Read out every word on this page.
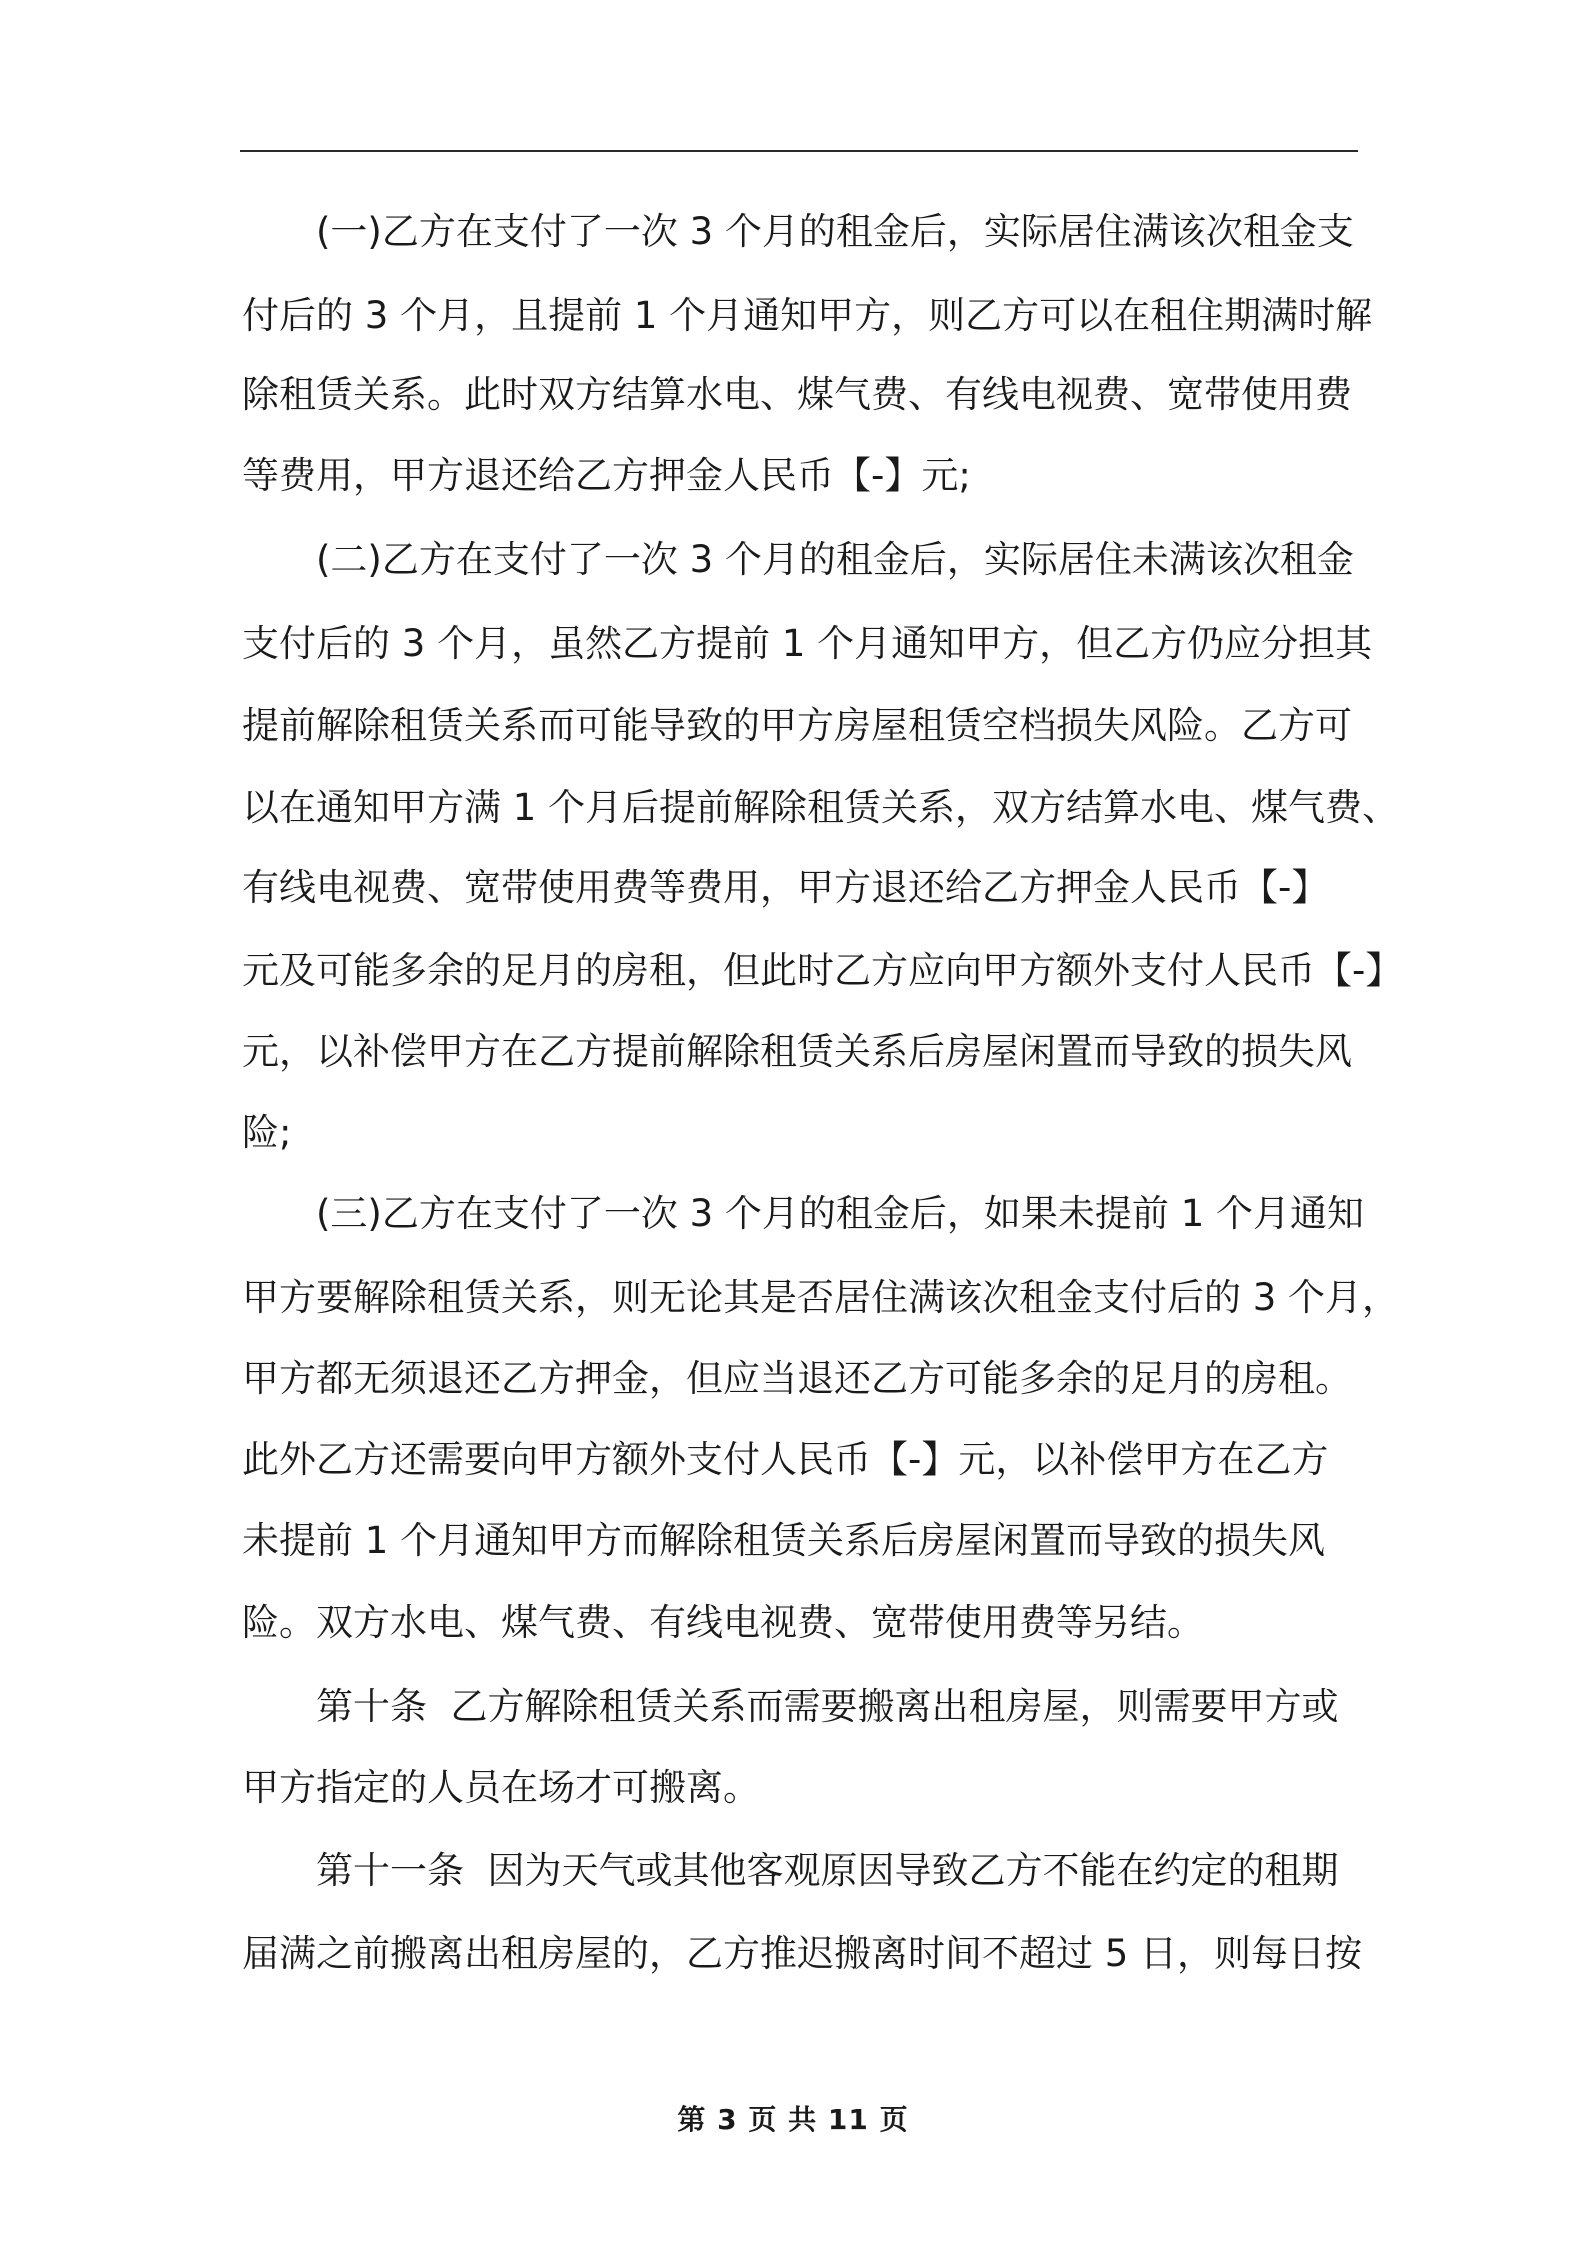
(一)乙方在支付了一次 3 个月的租金后，实际居住满该次租金支
付后的 3 个月，且提前 1 个月通知甲方，则乙方可以在租住期满时解
除租赁关系。此时双方结算水电、煤气费、有线电视费、宽带使用费
等费用，甲方退还给乙方押金人民币【-】元;
(二)乙方在支付了一次 3 个月的租金后，实际居住未满该次租金
支付后的 3 个月，虽然乙方提前 1 个月通知甲方，但乙方仍应分担其
提前解除租赁关系而可能导致的甲方房屋租赁空档损失风险。乙方可
以在通知甲方满 1 个月后提前解除租赁关系，双方结算水电、煤气费、
有线电视费、宽带使用费等费用，甲方退还给乙方押金人民币【-】
元及可能多余的足月的房租，但此时乙方应向甲方额外支付人民币【-】
元，以补偿甲方在乙方提前解除租赁关系后房屋闲置而导致的损失风
险;
(三)乙方在支付了一次 3 个月的租金后，如果未提前 1 个月通知
甲方要解除租赁关系，则无论其是否居住满该次租金支付后的 3 个月，
甲方都无须退还乙方押金，但应当退还乙方可能多余的足月的房租。
此外乙方还需要向甲方额外支付人民币【-】元，以补偿甲方在乙方
未提前 1 个月通知甲方而解除租赁关系后房屋闲置而导致的损失风
险。双方水电、煤气费、有线电视费、宽带使用费等另结。
第十条  乙方解除租赁关系而需要搬离出租房屋，则需要甲方或
甲方指定的人员在场才可搬离。
第十一条  因为天气或其他客观原因导致乙方不能在约定的租期
届满之前搬离出租房屋的，乙方推迟搬离时间不超过 5 日，则每日按
第 3 页 共 11 页
